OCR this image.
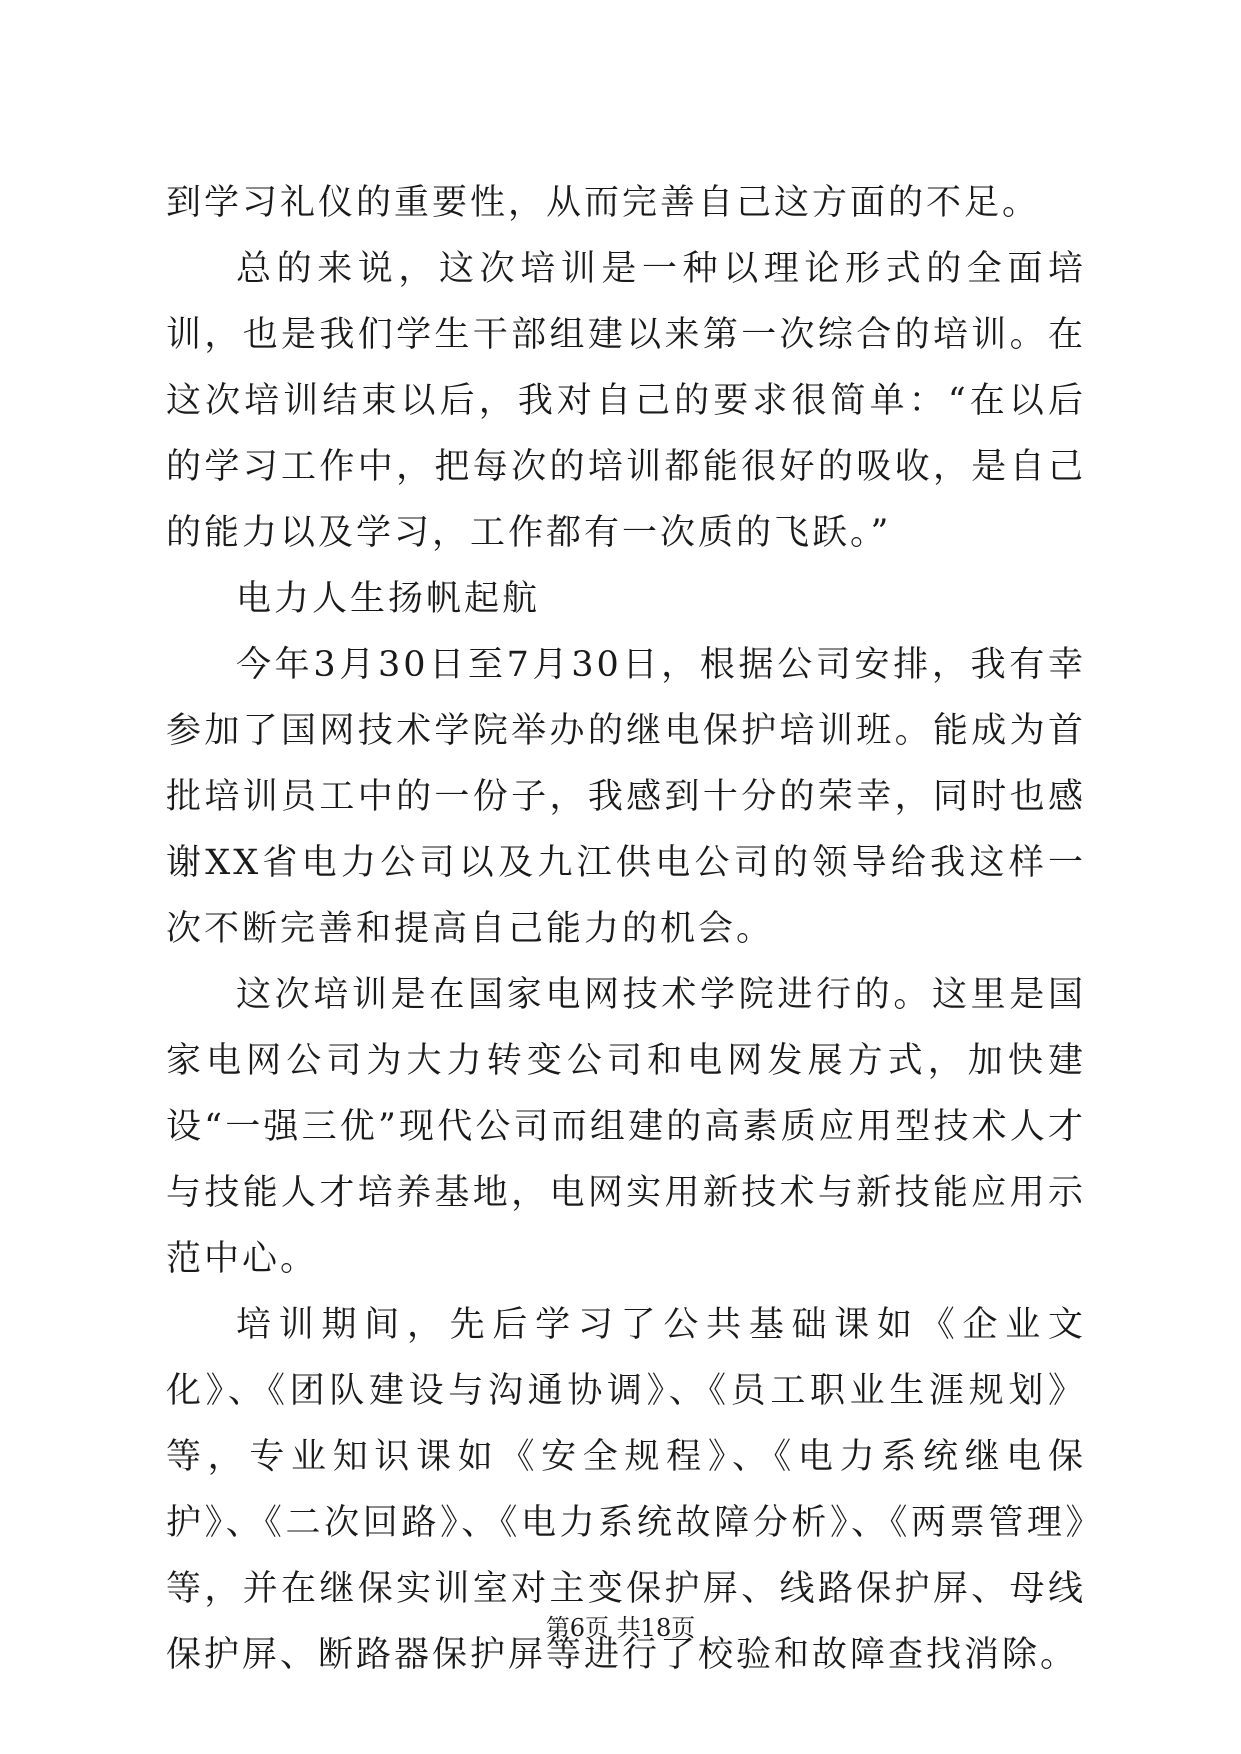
到学习礼仪的重要性，从而完善自己这方面的不足。

总的来说，这次培训是一种以理论形式的全面培训，也是我们学生干部组建以来第一次综合的培训。在这次培训结束以后，我对自己的要求很简单：“在以后的学习工作中，把每次的培训都能很好的吸收，是自己的能力以及学习，工作都有一次质的飞跃。”

电力人生扬帆起航

今年3月30日至7月30日，根据公司安排，我有幸参加了国网技术学院举办的继电保护培训班。能成为首批培训员工中的一份子，我感到十分的荣幸，同时也感谢XX省电力公司以及九江供电公司的领导给我这样一次不断完善和提高自己能力的机会。

这次培训是在国家电网技术学院进行的。这里是国家电网公司为大力转变公司和电网发展方式，加快建设“一强三优”现代公司而组建的高素质应用型技术人才与技能人才培养基地，电网实用新技术与新技能应用示范中心。

培训期间，先后学习了公共基础课如《企业文化》、《团队建设与沟通协调》、《员工职业生涯规划》等，专业知识课如《安全规程》、《电力系统继电保护》、《二次回路》、《电力系统故障分析》、《两票管理》等，并在继保实训室对主变保护屏、线路保护屏、母线保护屏、断路器保护屏等进行了校验和故障查找消除。

第6页 共18页
